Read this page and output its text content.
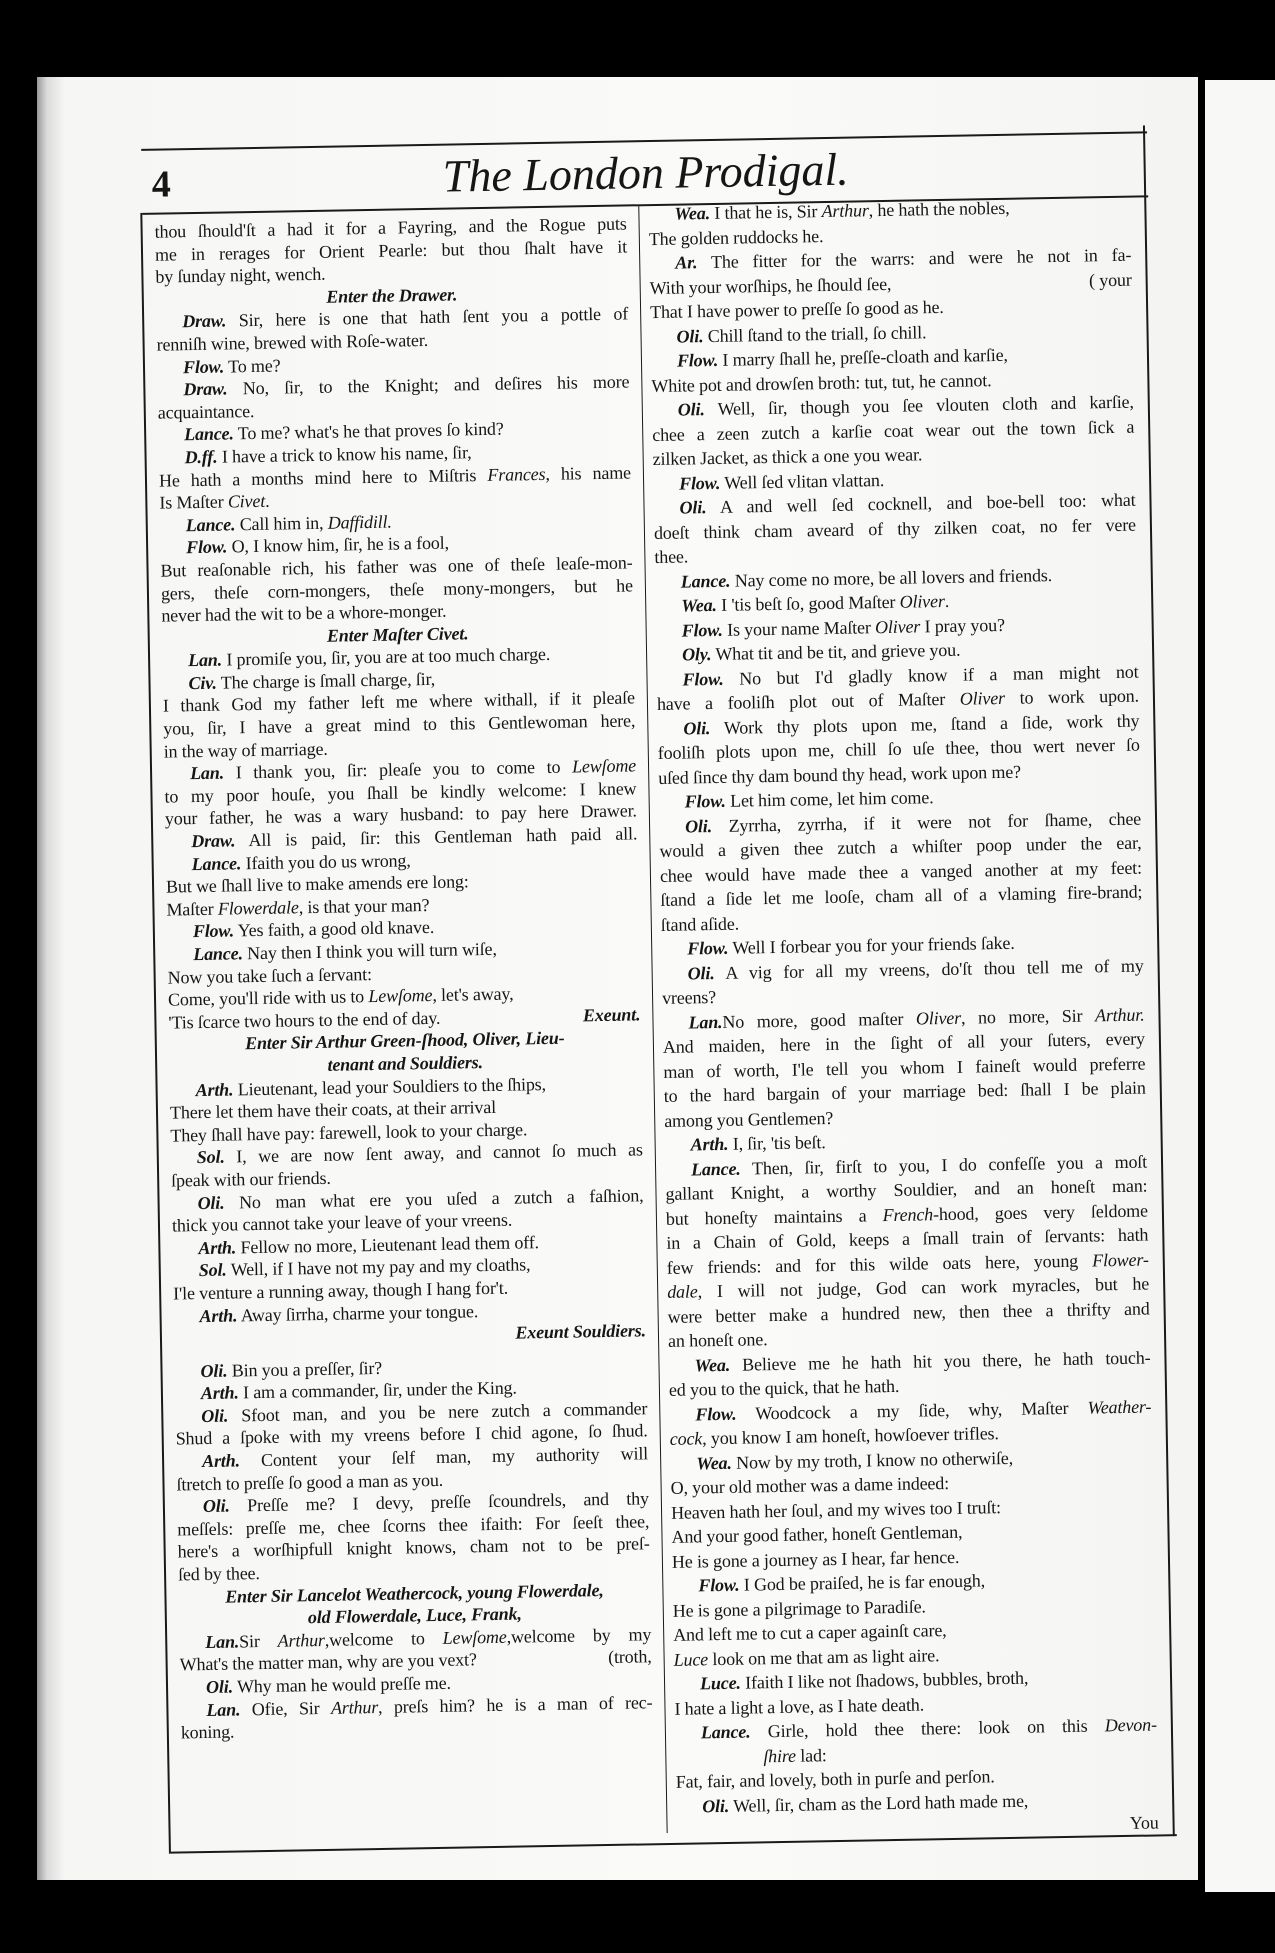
4	The London Prodigal.
thou ſhould'ſt a had it for a Fayring, and the Rogue puts
me in rerages for Orient Pearle: but thou ſhalt have it
by ſunday night, wench.
Enter the Drawer.
Draw. Sir, here is one that hath ſent you a pottle of
renniſh wine, brewed with Roſe-water.
Flow. To me?
Draw. No, ſir, to the Knight; and deſires his more
acquaintance.
Lance. To me? what's he that proves ſo kind?
D.ff. I have a trick to know his name, ſir,
He hath a months mind here to Miſtris Frances, his name
Is Maſter Civet.
Lance. Call him in, Daffidill.
Flow. O, I know him, ſir, he is a fool,
But reaſonable rich, his father was one of theſe leaſe-mon-
gers, theſe corn-mongers, theſe mony-mongers, but he
never had the wit to be a whore-monger.
Enter Maſter Civet.
Lan. I promiſe you, ſir, you are at too much charge.
Civ. The charge is ſmall charge, ſir,
I thank God my father left me where withall, if it pleaſe
you, ſir, I have a great mind to this Gentlewoman here,
in the way of marriage.
Lan. I thank you, ſir: pleaſe you to come to Lewſome
to my poor houſe, you ſhall be kindly welcome: I knew
your father, he was a wary husband: to pay here Drawer.
Draw. All is paid, ſir: this Gentleman hath paid all.
Lance. Ifaith you do us wrong,
But we ſhall live to make amends ere long:
Maſter Flowerdale, is that your man?
Flow. Yes faith, a good old knave.
Lance. Nay then I think you will turn wiſe,
Now you take ſuch a ſervant:
Come, you'll ride with us to Lewſome, let's away,
'Tis ſcarce two hours to the end of day.	Exeunt.
Enter Sir Arthur Green-ſhood, Oliver, Lieu-
tenant and Souldiers.
Arth. Lieutenant, lead your Souldiers to the ſhips,
There let them have their coats, at their arrival
They ſhall have pay: farewell, look to your charge.
Sol. I, we are now ſent away, and cannot ſo much as
ſpeak with our friends.
Oli. No man what ere you uſed a zutch a faſhion,
thick you cannot take your leave of your vreens.
Arth. Fellow no more, Lieutenant lead them off.
Sol. Well, if I have not my pay and my cloaths,
I'le venture a running away, though I hang for't.
Arth. Away ſirrha, charme your tongue.
Exeunt Souldiers.
Oli. Bin you a preſſer, ſir?
Arth. I am a commander, ſir, under the King.
Oli. Sfoot man, and you be nere zutch a commander
Shud a ſpoke with my vreens before I chid agone, ſo ſhud.
Arth. Content your ſelf man, my authority will
ſtretch to preſſe ſo good a man as you.
Oli. Preſſe me? I devy, preſſe ſcoundrels, and thy
meſſels: preſſe me, chee ſcorns thee ifaith: For ſeeſt thee,
here's a worſhipfull knight knows, cham not to be preſ-
ſed by thee.
Enter Sir Lancelot Weathercock, young Flowerdale,
old Flowerdale, Luce, Frank,
Lan.Sir Arthur,welcome to Lewſome,welcome by my
What's the matter man, why are you vext?	(troth,
Oli. Why man he would preſſe me.
Lan. Ofie, Sir Arthur, preſs him? he is a man of rec-
koning.
Wea. I that he is, Sir Arthur, he hath the nobles,
The golden ruddocks he.
Ar. The fitter for the warrs: and were he not in fa-
With your worſhips, he ſhould ſee,	( your
That I have power to preſſe ſo good as he.
Oli. Chill ſtand to the triall, ſo chill.
Flow. I marry ſhall he, preſſe-cloath and karſie,
White pot and drowſen broth: tut, tut, he cannot.
Oli. Well, ſir, though you ſee vlouten cloth and karſie,
chee a zeen zutch a karſie coat wear out the town ſick a
zilken Jacket, as thick a one you wear.
Flow. Well ſed vlitan vlattan.
Oli. A and well ſed cocknell, and boe-bell too: what
doeſt think cham aveard of thy zilken coat, no fer vere
thee.
Lance. Nay come no more, be all lovers and friends.
Wea. I 'tis beſt ſo, good Maſter Oliver.
Flow. Is your name Maſter Oliver I pray you?
Oly. What tit and be tit, and grieve you.
Flow. No but I'd gladly know if a man might not
have a fooliſh plot out of Maſter Oliver to work upon.
Oli. Work thy plots upon me, ſtand a ſide, work thy
fooliſh plots upon me, chill ſo uſe thee, thou wert never ſo
uſed ſince thy dam bound thy head, work upon me?
Flow. Let him come, let him come.
Oli. Zyrrha, zyrrha, if it were not for ſhame, chee
would a given thee zutch a whiſter poop under the ear,
chee would have made thee a vanged another at my feet:
ſtand a ſide let me looſe, cham all of a vlaming fire-brand;
ſtand aſide.
Flow. Well I forbear you for your friends ſake.
Oli. A vig for all my vreens, do'ſt thou tell me of my
vreens?
Lan.No more, good maſter Oliver, no more, Sir Arthur.
And maiden, here in the ſight of all your ſuters, every
man of worth, I'le tell you whom I faineſt would preferre
to the hard bargain of your marriage bed: ſhall I be plain
among you Gentlemen?
Arth. I, ſir, 'tis beſt.
Lance. Then, ſir, firſt to you, I do confeſſe you a moſt
gallant Knight, a worthy Souldier, and an honeſt man:
but honeſty maintains a French-hood, goes very ſeldome
in a Chain of Gold, keeps a ſmall train of ſervants: hath
few friends: and for this wilde oats here, young Flower-
dale, I will not judge, God can work myracles, but he
were better make a hundred new, then thee a thrifty and
an honeſt one.
Wea. Believe me he hath hit you there, he hath touch-
ed you to the quick, that he hath.
Flow. Woodcock a my ſide, why, Maſter Weather-
cock, you know I am honeſt, howſoever trifles.
Wea. Now by my troth, I know no otherwiſe,
O, your old mother was a dame indeed:
Heaven hath her ſoul, and my wives too I truſt:
And your good father, honeſt Gentleman,
He is gone a journey as I hear, far hence.
Flow. I God be praiſed, he is far enough,
He is gone a pilgrimage to Paradiſe.
And left me to cut a caper againſt care,
Luce look on me that am as light aire.
Luce. Ifaith I like not ſhadows, bubbles, broth,
I hate a light a love, as I hate death.
Lance. Girle, hold thee there: look on this Devon-
ſhire lad:
Fat, fair, and lovely, both in purſe and perſon.
Oli. Well, ſir, cham as the Lord hath made me,
You
